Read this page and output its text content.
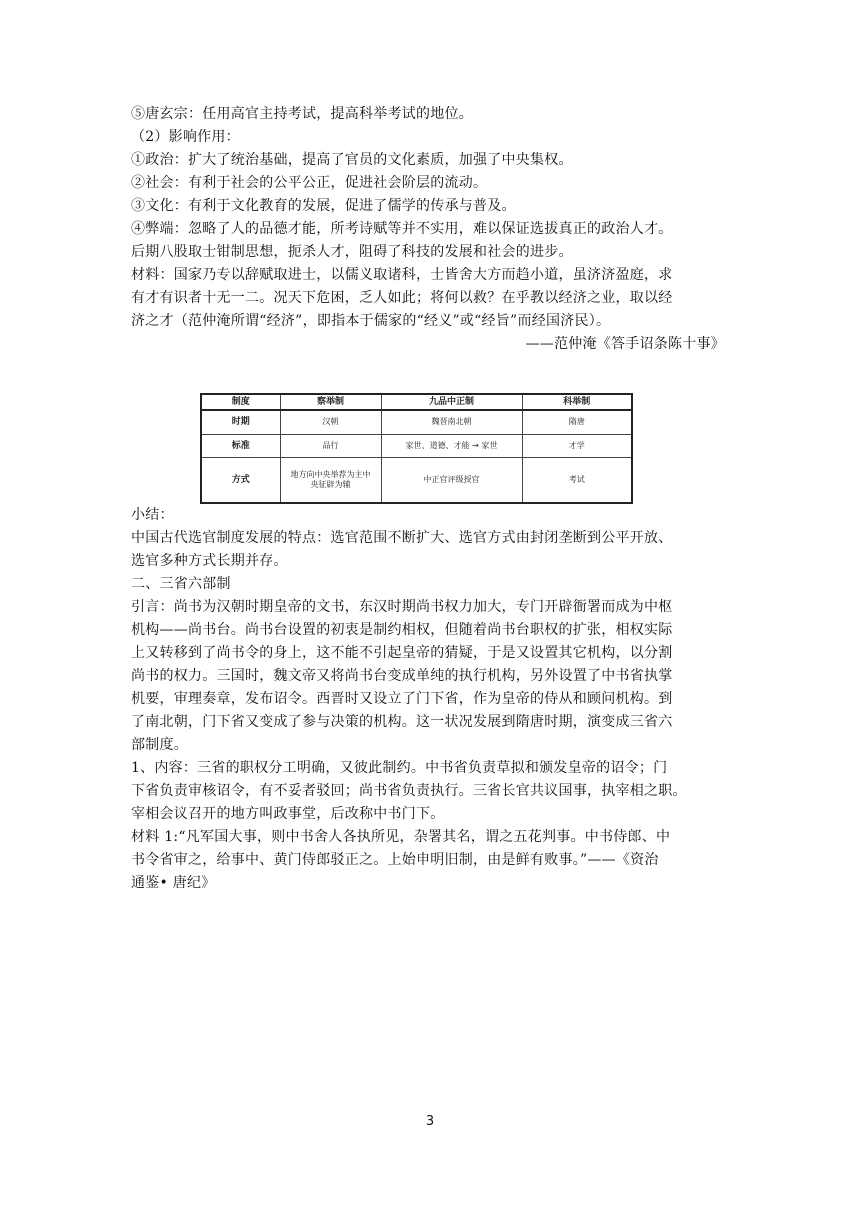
⑤唐玄宗：任用高官主持考试，提高科举考试的地位。
（2）影响作用：
①政治：扩大了统治基础，提高了官员的文化素质，加强了中央集权。
②社会：有利于社会的公平公正，促进社会阶层的流动。
③文化：有利于文化教育的发展，促进了儒学的传承与普及。
④弊端：忽略了人的品德才能，所考诗赋等并不实用，难以保证选拔真正的政治人才。
后期八股取士钳制思想，扼杀人才，阻碍了科技的发展和社会的进步。
材料：国家乃专以辞赋取进士，以儒义取诸科，士皆舍大方而趋小道，虽济济盈庭，求
有才有识者十无一二。况天下危困，乏人如此；将何以救？在乎教以经济之业，取以经
济之才（范仲淹所谓“经济”，即指本于儒家的“经义”或“经旨”而经国济民）。
——范仲淹《答手诏条陈十事》
制度	察举制	九品中正制	科举制
时期	汉朝	魏晋南北朝	隋唐
标准	品行	家世、道德、才能 → 家世	才学
方式	地方向中央举荐为主中央征辟为辅	中正官评级授官	考试
小结：
中国古代选官制度发展的特点：选官范围不断扩大、选官方式由封闭垄断到公平开放、
选官多种方式长期并存。
二、三省六部制
引言：尚书为汉朝时期皇帝的文书，东汉时期尚书权力加大，专门开辟衙署而成为中枢
机构——尚书台。尚书台设置的初衷是制约相权，但随着尚书台职权的扩张，相权实际
上又转移到了尚书令的身上，这不能不引起皇帝的猜疑，于是又设置其它机构，以分割
尚书的权力。三国时，魏文帝又将尚书台变成单纯的执行机构，另外设置了中书省执掌
机要，审理奏章，发布诏令。西晋时又设立了门下省，作为皇帝的侍从和顾问机构。到
了南北朝，门下省又变成了参与决策的机构。这一状况发展到隋唐时期，演变成三省六
部制度。
1、内容：三省的职权分工明确，又彼此制约。中书省负责草拟和颁发皇帝的诏令；门
下省负责审核诏令，有不妥者驳回；尚书省负责执行。三省长官共议国事，执宰相之职。
宰相会议召开的地方叫政事堂，后改称中书门下。
材料 1:“凡军国大事，则中书舍人各执所见，杂署其名，谓之五花判事。中书侍郎、中
书令省审之，给事中、黄门侍郎驳正之。上始申明旧制，由是鲜有败事。”——《资治
通鉴• 唐纪》
3
